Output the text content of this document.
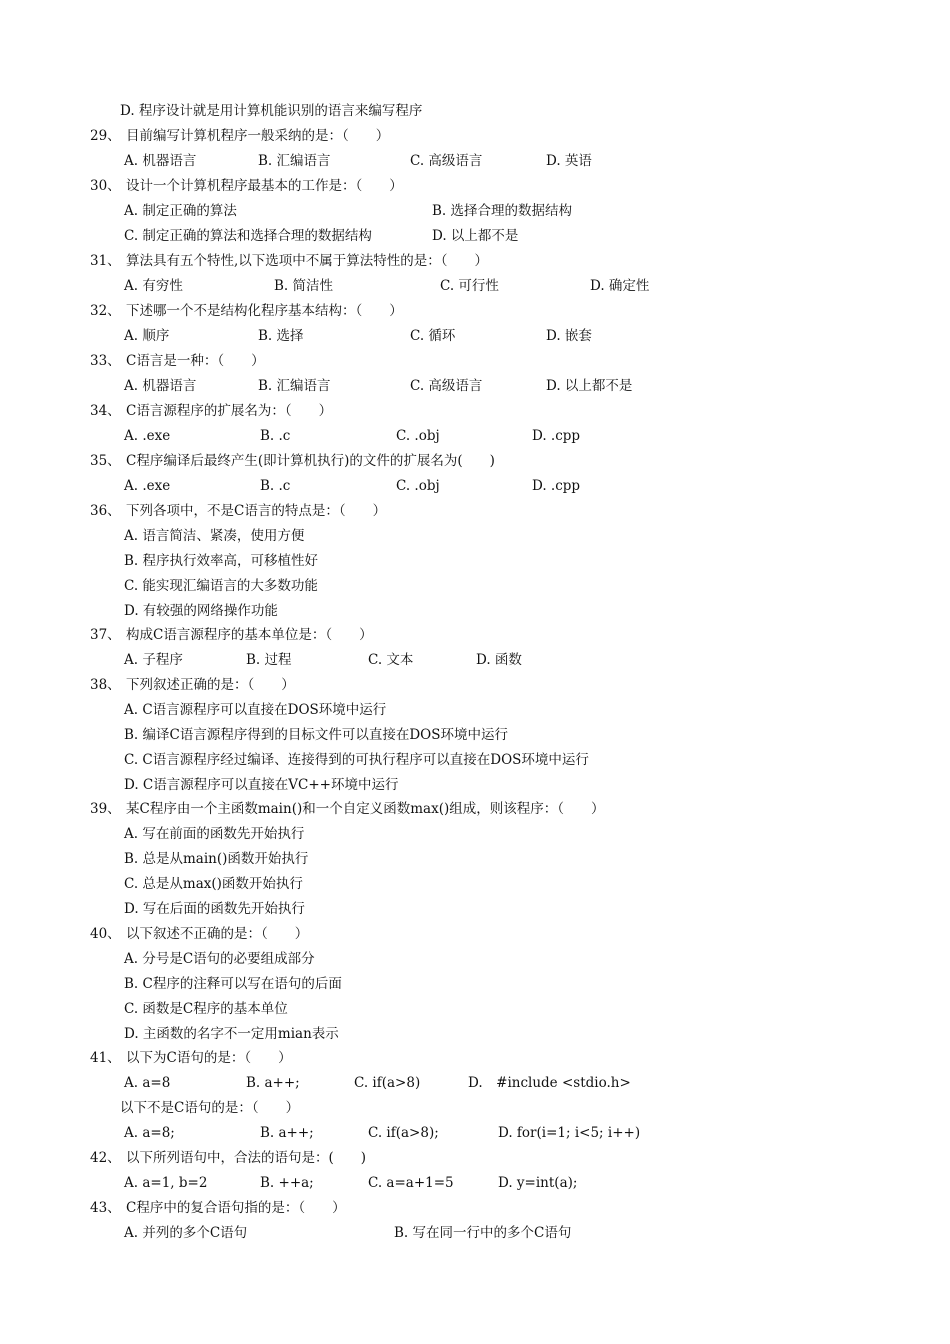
D. 程序设计就是用计算机能识别的语言来编写程序
29、 目前编写计算机程序一般采纳的是：（　　）
A. 机器语言	B. 汇编语言	C. 高级语言	D. 英语
30、 设计一个计算机程序最基本的工作是：（　　）
A. 制定正确的算法	B. 选择合理的数据结构
C. 制定正确的算法和选择合理的数据结构	D. 以上都不是
31、 算法具有五个特性,以下选项中不属于算法特性的是：（　　）
A. 有穷性	B. 简洁性	C. 可行性	D. 确定性
32、 下述哪一个不是结构化程序基本结构：（　　）
A. 顺序	B. 选择	C. 循环	D. 嵌套
33、 C语言是一种：（　　）
A. 机器语言	B. 汇编语言	C. 高级语言	D. 以上都不是
34、 C语言源程序的扩展名为：（　　）
A. .exe	B. .c	C. .obj	D. .cpp
35、 C程序编译后最终产生(即计算机执行)的文件的扩展名为(　　)
A. .exe	B. .c	C. .obj	D. .cpp
36、 下列各项中，不是C语言的特点是：（　　）
A. 语言简洁、紧凑，使用方便
B. 程序执行效率高，可移植性好
C. 能实现汇编语言的大多数功能
D. 有较强的网络操作功能
37、 构成C语言源程序的基本单位是：（　　）
A. 子程序	B. 过程	C. 文本	D. 函数
38、 下列叙述正确的是：（　　）
A. C语言源程序可以直接在DOS环境中运行
B. 编译C语言源程序得到的目标文件可以直接在DOS环境中运行
C. C语言源程序经过编译、连接得到的可执行程序可以直接在DOS环境中运行
D. C语言源程序可以直接在VC++环境中运行
39、 某C程序由一个主函数main()和一个自定义函数max()组成，则该程序：（　　）
A. 写在前面的函数先开始执行
B. 总是从main()函数开始执行
C. 总是从max()函数开始执行
D. 写在后面的函数先开始执行
40、 以下叙述不正确的是：（　　）
A. 分号是C语句的必要组成部分
B. C程序的注释可以写在语句的后面
C. 函数是C程序的基本单位
D. 主函数的名字不一定用mian表示
41、 以下为C语句的是：（　　）
A. a=8	B. a++;	C. if(a>8)	D.　#include <stdio.h>
以下不是C语句的是：（　　）
A. a=8;	B. a++;	C. if(a>8);	D. for(i=1; i<5; i++)
42、 以下所列语句中，合法的语句是：(　　)
A. a=1, b=2	B. ++a;	C. a=a+1=5	D. y=int(a);
43、 C程序中的复合语句指的是：（　　）
A. 并列的多个C语句	B. 写在同一行中的多个C语句
